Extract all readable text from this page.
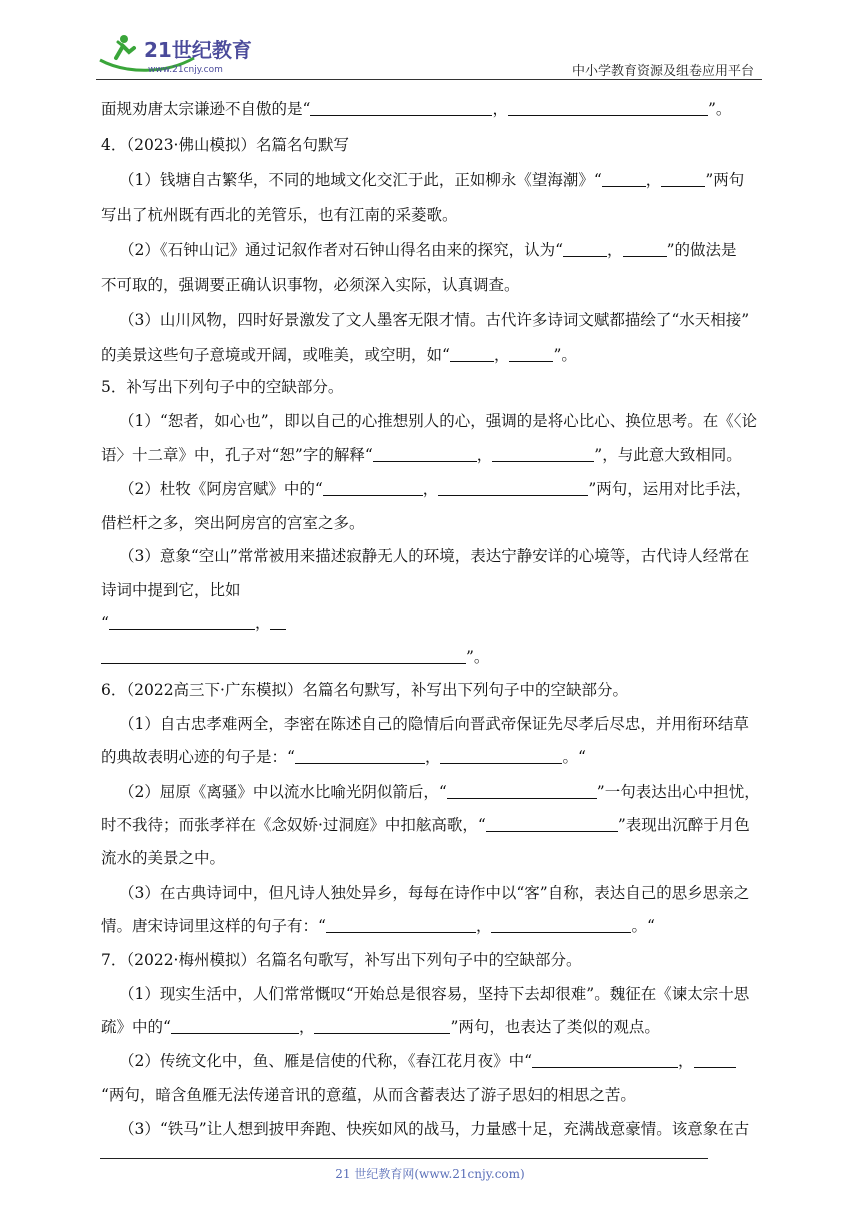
21世纪教育
www.21cnjy.com	中小学教育资源及组卷应用平台
面规劝唐太宗谦逊不自傲的是“	，	”。
4．（2023·佛山模拟）名篇名句默写
（1）钱塘自古繁华，不同的地域文化交汇于此，正如柳永《望海潮》“	，	”两句
写出了杭州既有西北的羌管乐，也有江南的采菱歌。
（2）《石钟山记》通过记叙作者对石钟山得名由来的探究，认为“	，	”的做法是
不可取的，强调要正确认识事物，必须深入实际，认真调查。
（3）山川风物，四时好景激发了文人墨客无限才情。古代许多诗词文赋都描绘了“水天相接”
的美景这些句子意境或开阔，或唯美，或空明，如“	，	”。
5．补写出下列句子中的空缺部分。
（1）“恕者，如心也”，即以自己的心推想别人的心，强调的是将心比心、换位思考。在《〈论
语〉十二章》中，孔子对“恕”字的解释“	，	”，与此意大致相同。
（2）杜牧《阿房宫赋》中的“	，	”两句，运用对比手法，
借栏杆之多，突出阿房宫的宫室之多。
（3）意象“空山”常常被用来描述寂静无人的环境，表达宁静安详的心境等，古代诗人经常在
诗词中提到它，比如
“	，
”。
6．（2022高三下·广东模拟）名篇名句默写，补写出下列句子中的空缺部分。
（1）自古忠孝难两全，李密在陈述自己的隐情后向晋武帝保证先尽孝后尽忠，并用衔环结草
的典故表明心迹的句子是：“	，	。“
（2）屈原《离骚》中以流水比喻光阴似箭后，“	”一句表达出心中担忧，
时不我待；而张孝祥在《念奴娇·过洞庭》中扣舷高歌，“	”表现出沉醉于月色
流水的美景之中。
（3）在古典诗词中，但凡诗人独处异乡，每每在诗作中以“客”自称，表达自己的思乡思亲之
情。唐宋诗词里这样的句子有：“	，	。“
7．（2022·梅州模拟）名篇名句歌写，补写出下列句子中的空缺部分。
（1）现实生活中，人们常常慨叹“开始总是很容易，坚持下去却很难”。魏征在《谏太宗十思
疏》中的“	，	”两句，也表达了类似的观点。
（2）传统文化中，鱼、雁是信使的代称，《春江花月夜》中“	，
“两句，暗含鱼雁无法传递音讯的意蕴，从而含蓄表达了游子思妇的相思之苦。
（3）“铁马”让人想到披甲奔跑、快疾如风的战马，力量感十足，充满战意豪情。该意象在古
21 世纪教育网(www.21cnjy.com)
